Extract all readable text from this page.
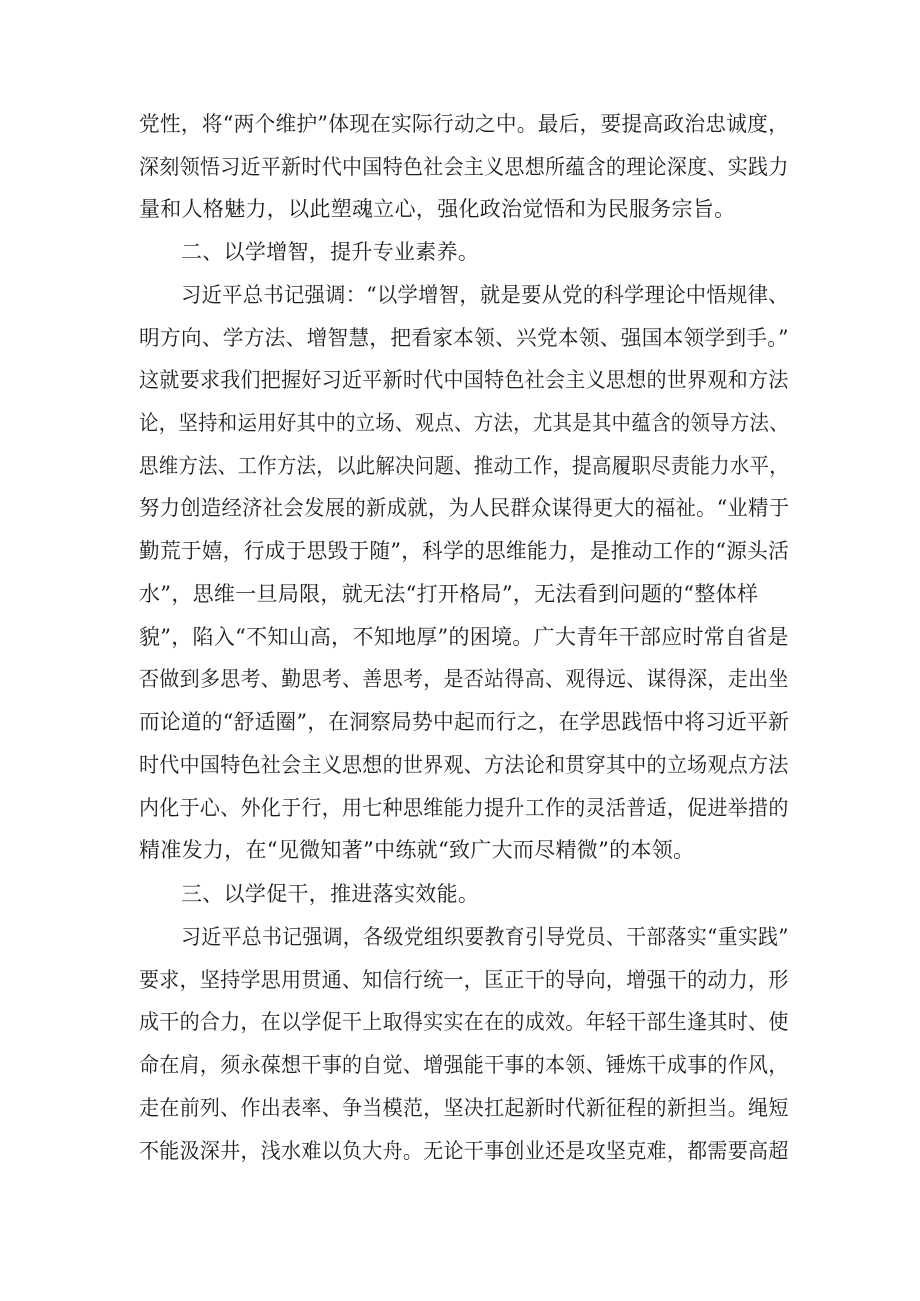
党性，将“两个维护”体现在实际行动之中。最后，要提高政治忠诚度，
深刻领悟习近平新时代中国特色社会主义思想所蕴含的理论深度、实践力
量和人格魅力，以此塑魂立心，强化政治觉悟和为民服务宗旨。
二、以学增智，提升专业素养。
习近平总书记强调：“以学增智，就是要从党的科学理论中悟规律、
明方向、学方法、增智慧，把看家本领、兴党本领、强国本领学到手。”
这就要求我们把握好习近平新时代中国特色社会主义思想的世界观和方法
论，坚持和运用好其中的立场、观点、方法，尤其是其中蕴含的领导方法、
思维方法、工作方法，以此解决问题、推动工作，提高履职尽责能力水平，
努力创造经济社会发展的新成就，为人民群众谋得更大的福祉。“业精于
勤荒于嬉，行成于思毁于随”，科学的思维能力，是推动工作的“源头活
水”，思维一旦局限，就无法“打开格局”，无法看到问题的“整体样
貌”，陷入“不知山高，不知地厚”的困境。广大青年干部应时常自省是
否做到多思考、勤思考、善思考，是否站得高、观得远、谋得深，走出坐
而论道的“舒适圈”，在洞察局势中起而行之，在学思践悟中将习近平新
时代中国特色社会主义思想的世界观、方法论和贯穿其中的立场观点方法
内化于心、外化于行，用七种思维能力提升工作的灵活普适，促进举措的
精准发力，在“见微知著”中练就“致广大而尽精微”的本领。
三、以学促干，推进落实效能。
习近平总书记强调，各级党组织要教育引导党员、干部落实“重实践”
要求，坚持学思用贯通、知信行统一，匡正干的导向，增强干的动力，形
成干的合力，在以学促干上取得实实在在的成效。年轻干部生逢其时、使
命在肩，须永葆想干事的自觉、增强能干事的本领、锤炼干成事的作风，
走在前列、作出表率、争当模范，坚决扛起新时代新征程的新担当。绳短
不能汲深井，浅水难以负大舟。无论干事创业还是攻坚克难，都需要高超
